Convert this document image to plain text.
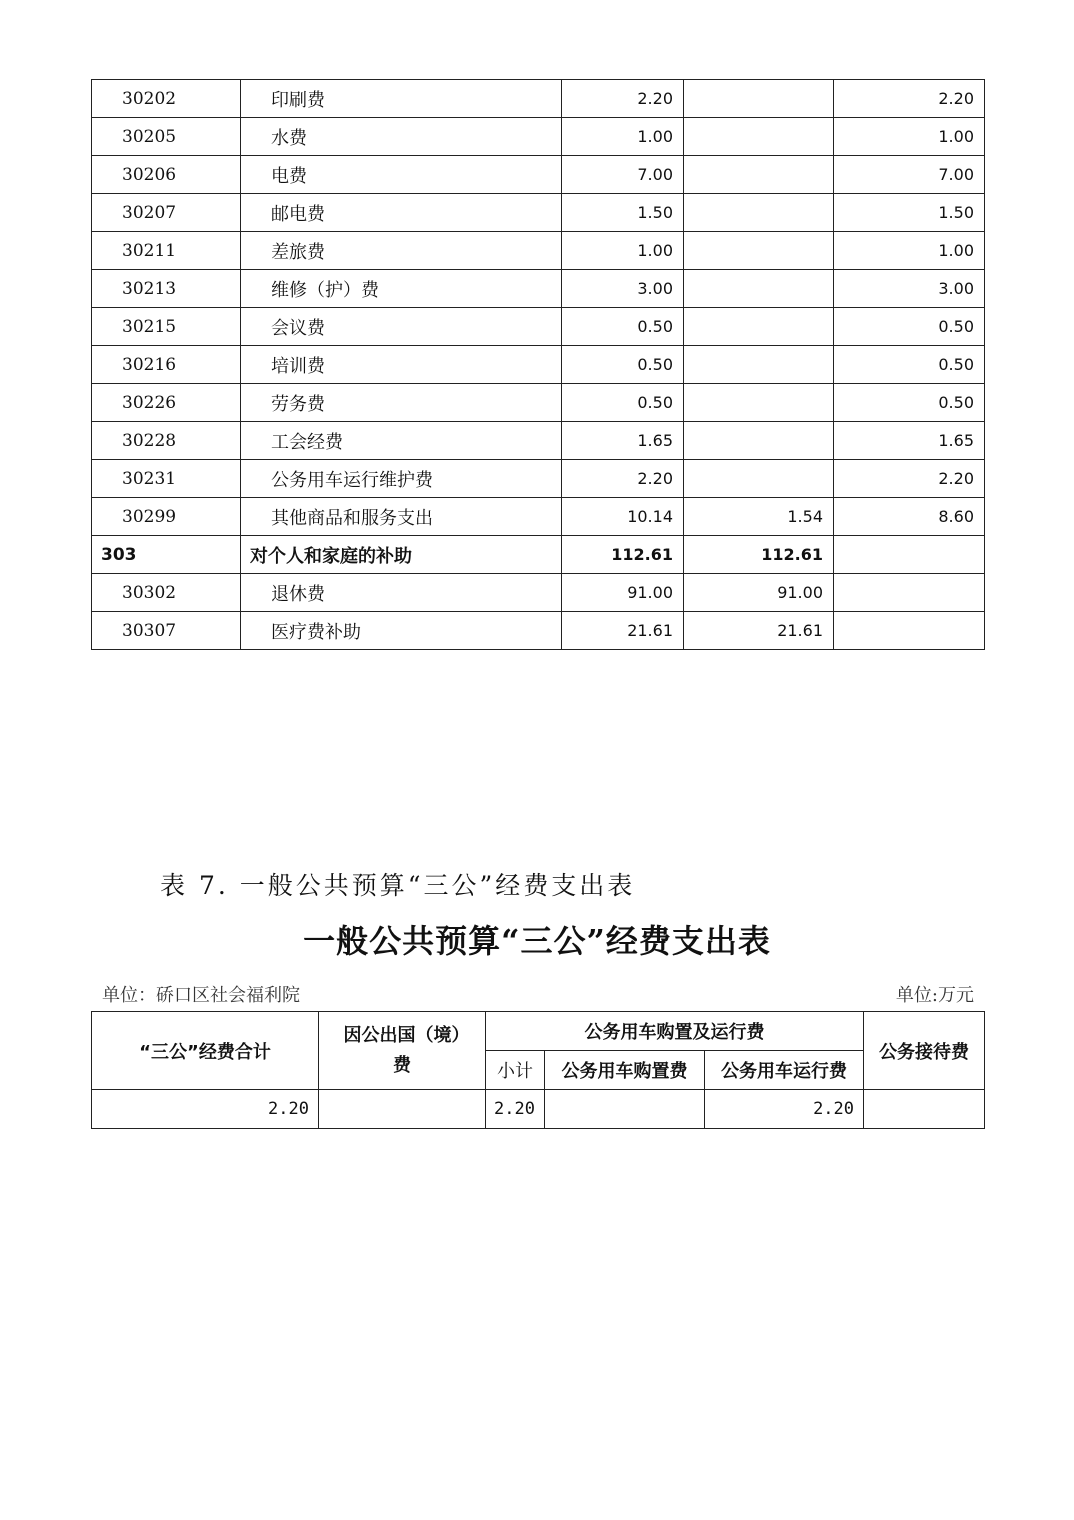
30202	印刷费	2.20		2.20
30205	水费	1.00		1.00
30206	电费	7.00		7.00
30207	邮电费	1.50		1.50
30211	差旅费	1.00		1.00
30213	维修（护）费	3.00		3.00
30215	会议费	0.50		0.50
30216	培训费	0.50		0.50
30226	劳务费	0.50		0.50
30228	工会经费	1.65		1.65
30231	公务用车运行维护费	2.20		2.20
30299	其他商品和服务支出	10.14	1.54	8.60
303	对个人和家庭的补助	112.61	112.61	
30302	退休费	91.00	91.00	
30307	医疗费补助	21.61	21.61	
表 7. 一般公共预算“三公”经费支出表
一般公共预算“三公”经费支出表
单位：硚口区社会福利院	单位:万元
“三公”经费合计	因公出国（境）费	公务用车购置及运行费			公务接待费
		小计	公务用车购置费	公务用车运行费	
2.20		2.20		2.20	
